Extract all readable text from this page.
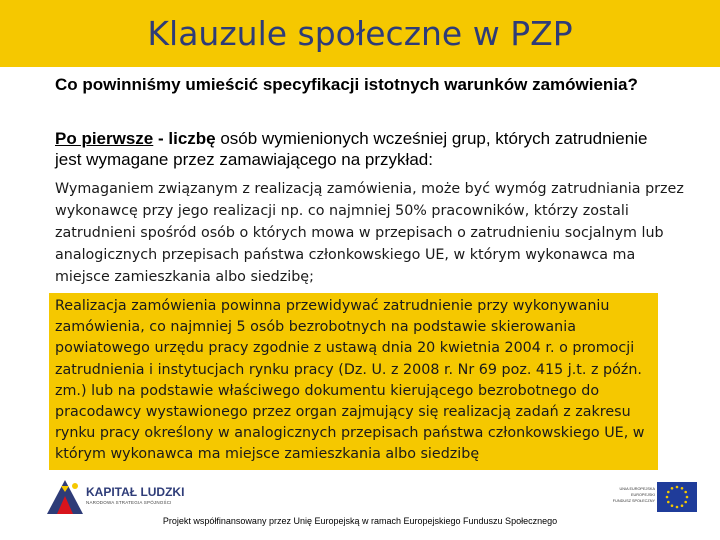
Klauzule społeczne w PZP
Co powinniśmy umieścić specyfikacji istotnych warunków zamówienia?
Po pierwsze - liczbę osób wymienionych wcześniej grup, których zatrudnienie jest wymagane przez zamawiającego na przykład:
Wymaganiem związanym z realizacją zamówienia, może być wymóg zatrudniania przez wykonawcę przy jego realizacji np. co najmniej 50% pracowników, którzy zostali zatrudnieni spośród osób o których mowa w przepisach o zatrudnieniu socjalnym lub analogicznych przepisach państwa członkowskiego UE, w którym wykonawca ma miejsce zamieszkania albo siedzibę;
Realizacja zamówienia powinna przewidywać zatrudnienie przy wykonywaniu zamówienia, co najmniej 5 osób bezrobotnych na podstawie skierowania powiatowego urzędu pracy zgodnie z ustawą dnia 20 kwietnia 2004 r. o promocji zatrudnienia i instytucjach rynku pracy (Dz. U. z 2008 r. Nr 69 poz. 415 j.t. z późn. zm.) lub na podstawie właściwego dokumentu kierującego bezrobotnego do pracodawcy wystawionego przez organ zajmujący się realizacją zadań z zakresu rynku pracy określony w analogicznych przepisach państwa członkowskiego UE, w którym wykonawca ma miejsce zamieszkania albo siedzibę
KAPITAŁ LUDZKI
NARODOWA STRATEGIA SPÓJNOŚCI
UNIA EUROPEJSKA
EUROPEJSKI
FUNDUSZ SPOŁECZNY
Projekt współfinansowany przez Unię Europejską w ramach Europejskiego Funduszu Społecznego
